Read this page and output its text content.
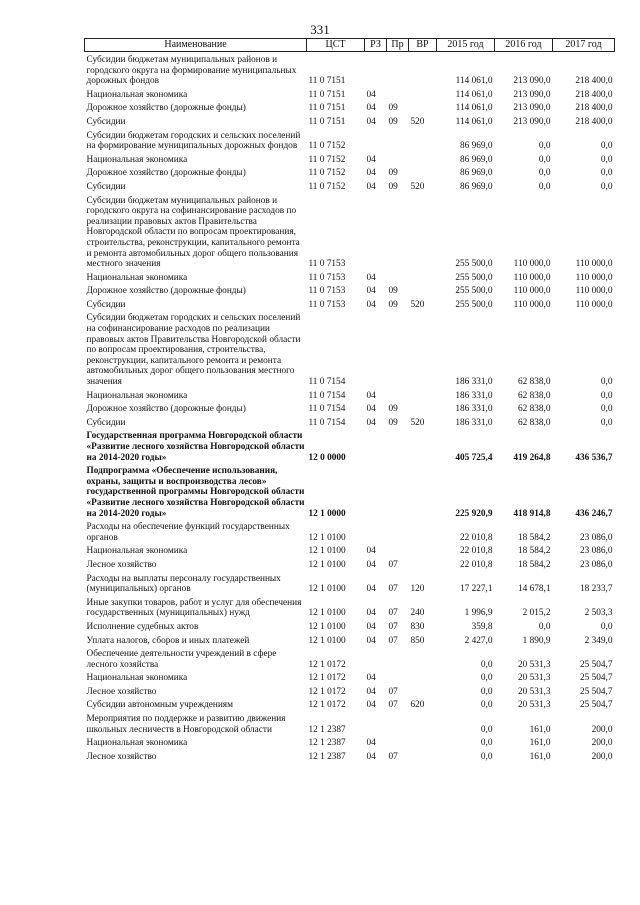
331
Наименование	ЦСТ	РЗ	Пр	ВР	2015 год	2016 год	2017 год
Субсидии бюджетам муниципальных районов и городского округа на формирование муниципальных дорожных фондов	11 0 7151				114 061,0	213 090,0	218 400,0
Национальная экономика	11 0 7151	04			114 061,0	213 090,0	218 400,0
Дорожное хозяйство (дорожные фонды)	11 0 7151	04	09		114 061,0	213 090,0	218 400,0
Субсидии	11 0 7151	04	09	520	114 061,0	213 090,0	218 400,0
Субсидии бюджетам городских и сельских поселений на формирование муниципальных дорожных фондов	11 0 7152				86 969,0	0,0	0,0
Национальная экономика	11 0 7152	04			86 969,0	0,0	0,0
Дорожное хозяйство (дорожные фонды)	11 0 7152	04	09		86 969,0	0,0	0,0
Субсидии	11 0 7152	04	09	520	86 969,0	0,0	0,0
Субсидии бюджетам муниципальных районов и городского округа на софинансирование расходов по реализации правовых актов Правительства Новгородской области по вопросам проектирования, строительства, реконструкции, капитального ремонта и ремонта автомобильных дорог общего пользования местного значения	11 0 7153				255 500,0	110 000,0	110 000,0
Национальная экономика	11 0 7153	04			255 500,0	110 000,0	110 000,0
Дорожное хозяйство (дорожные фонды)	11 0 7153	04	09		255 500,0	110 000,0	110 000,0
Субсидии	11 0 7153	04	09	520	255 500,0	110 000,0	110 000,0
Субсидии бюджетам городских и сельских поселений на софинансирование расходов по реализации правовых актов Правительства Новгородской области по вопросам проектирования, строительства, реконструкции, капитального ремонта и ремонта автомобильных дорог общего пользования местного значения	11 0 7154				186 331,0	62 838,0	0,0
Национальная экономика	11 0 7154	04			186 331,0	62 838,0	0,0
Дорожное хозяйство (дорожные фонды)	11 0 7154	04	09		186 331,0	62 838,0	0,0
Субсидии	11 0 7154	04	09	520	186 331,0	62 838,0	0,0
Государственная программа Новгородской области «Развитие лесного хозяйства Новгородской области на 2014-2020 годы»	12 0 0000				405 725,4	419 264,8	436 536,7
Подпрограмма «Обеспечение использования, охраны, защиты и воспроизводства лесов» государственной программы Новгородской области «Развитие лесного хозяйства Новгородской области на 2014-2020 годы»	12 1 0000				225 920,9	418 914,8	436 246,7
Расходы на обеспечение функций государственных органов	12 1 0100				22 010,8	18 584,2	23 086,0
Национальная экономика	12 1 0100	04			22 010,8	18 584,2	23 086,0
Лесное хозяйство	12 1 0100	04	07		22 010,8	18 584,2	23 086,0
Расходы на выплаты персоналу государственных (муниципальных) органов	12 1 0100	04	07	120	17 227,1	14 678,1	18 233,7
Иные закупки товаров, работ и услуг для обеспечения государственных (муниципальных) нужд	12 1 0100	04	07	240	1 996,9	2 015,2	2 503,3
Исполнение судебных актов	12 1 0100	04	07	830	359,8	0,0	0,0
Уплата налогов, сборов и иных платежей	12 1 0100	04	07	850	2 427,0	1 890,9	2 349,0
Обеспечение деятельности учреждений в сфере лесного хозяйства	12 1 0172				0,0	20 531,3	25 504,7
Национальная экономика	12 1 0172	04			0,0	20 531,3	25 504,7
Лесное хозяйство	12 1 0172	04	07		0,0	20 531,3	25 504,7
Субсидии автономным учреждениям	12 1 0172	04	07	620	0,0	20 531,3	25 504,7
Мероприятия по поддержке и развитию движения школьных лесничеств в Новгородской области	12 1 2387				0,0	161,0	200,0
Национальная экономика	12 1 2387	04			0,0	161,0	200,0
Лесное хозяйство	12 1 2387	04	07		0,0	161,0	200,0
